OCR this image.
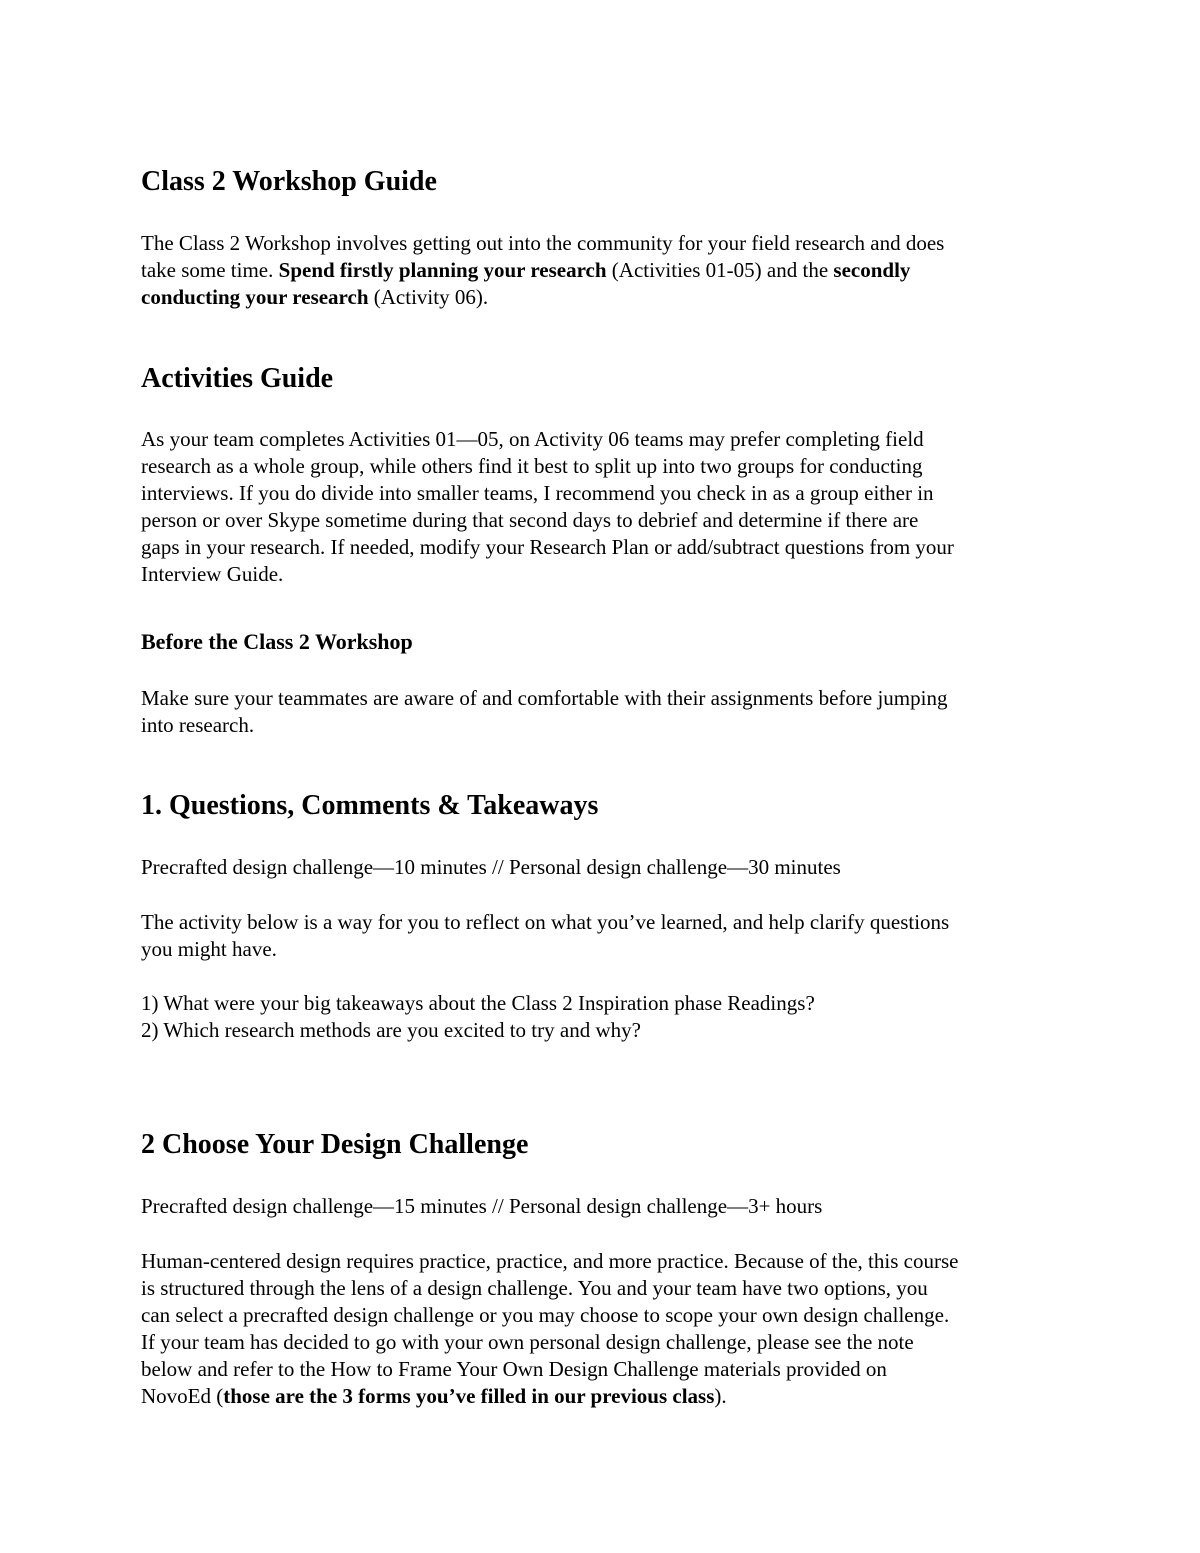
Class 2 Workshop Guide
The Class 2 Workshop involves getting out into the community for your field research and does
take some time. Spend firstly planning your research (Activities 01-05) and the secondly
conducting your research (Activity 06).
Activities Guide
As your team completes Activities 01—05, on Activity 06 teams may prefer completing field
research as a whole group, while others find it best to split up into two groups for conducting
interviews. If you do divide into smaller teams, I recommend you check in as a group either in
person or over Skype sometime during that second days to debrief and determine if there are
gaps in your research. If needed, modify your Research Plan or add/subtract questions from your
Interview Guide.
Before the Class 2 Workshop
Make sure your teammates are aware of and comfortable with their assignments before jumping
into research.
1. Questions, Comments & Takeaways

Precrafted design challenge—10 minutes // Personal design challenge—30 minutes

The activity below is a way for you to reflect on what you’ve learned, and help clarify questions
you might have.
1) What were your big takeaways about the Class 2 Inspiration phase Readings?
2) Which research methods are you excited to try and why?
2 Choose Your Design Challenge

Precrafted design challenge—15 minutes // Personal design challenge—3+ hours

Human-centered design requires practice, practice, and more practice. Because of the, this course
is structured through the lens of a design challenge. You and your team have two options, you
can select a precrafted design challenge or you may choose to scope your own design challenge.
If your team has decided to go with your own personal design challenge, please see the note
below and refer to the How to Frame Your Own Design Challenge materials provided on
NovoEd (those are the 3 forms you’ve filled in our previous class).
